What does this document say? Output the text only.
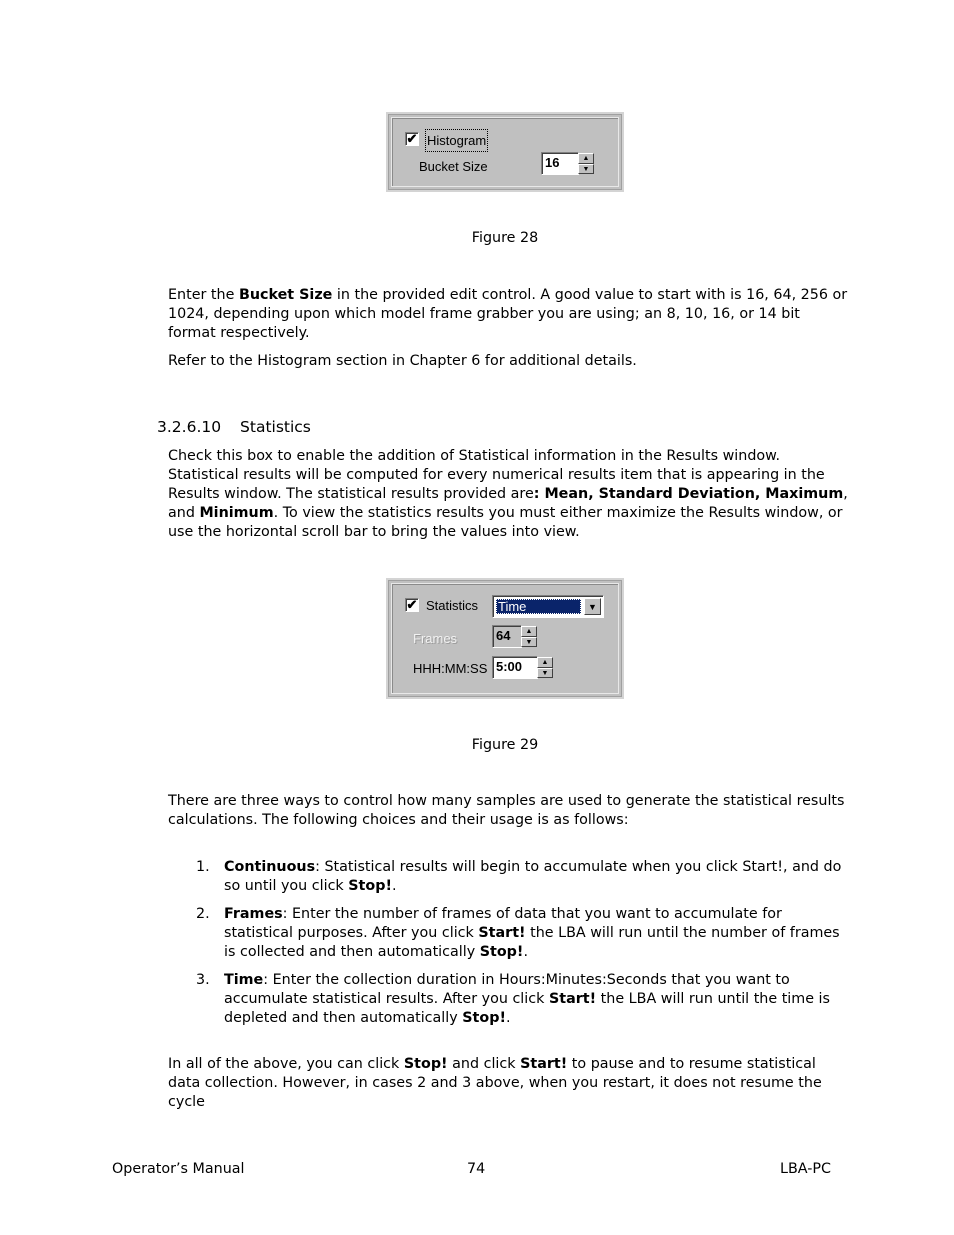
✔ Histogram
Bucket Size	16	▲
▼

Figure 28

Enter the Bucket Size in the provided edit control. A good value to start with is 16, 64, 256 or 1024, depending upon which model frame grabber you are using; an 8, 10, 16, or 14 bit format respectively.

Refer to the Histogram section in Chapter 6 for additional details.

3.2.6.10 Statistics

Check this box to enable the addition of Statistical information in the Results window. Statistical results will be computed for every numerical results item that is appearing in the Results window. The statistical results provided are: Mean, Standard Deviation, Maximum, and Minimum. To view the statistics results you must either maximize the Results window, or use the horizontal scroll bar to bring the values into view.

✔ Statistics Time	▼
Frames	64	▲
▼
HHH:MM:SS 5:00	▲
▼

Figure 29

There are three ways to control how many samples are used to generate the statistical results calculations. The following choices and their usage is as follows:

1. Continuous: Statistical results will begin to accumulate when you click Start!, and do so until you click Stop!.

2. Frames: Enter the number of frames of data that you want to accumulate for statistical purposes. After you click Start! the LBA will run until the number of frames is collected and then automatically Stop!.

3. Time: Enter the collection duration in Hours:Minutes:Seconds that you want to accumulate statistical results. After you click Start! the LBA will run until the time is depleted and then automatically Stop!.

In all of the above, you can click Stop! and click Start! to pause and to resume statistical data collection. However, in cases 2 and 3 above, when you restart, it does not resume the cycle

Operator’s Manual	74	LBA-PC
